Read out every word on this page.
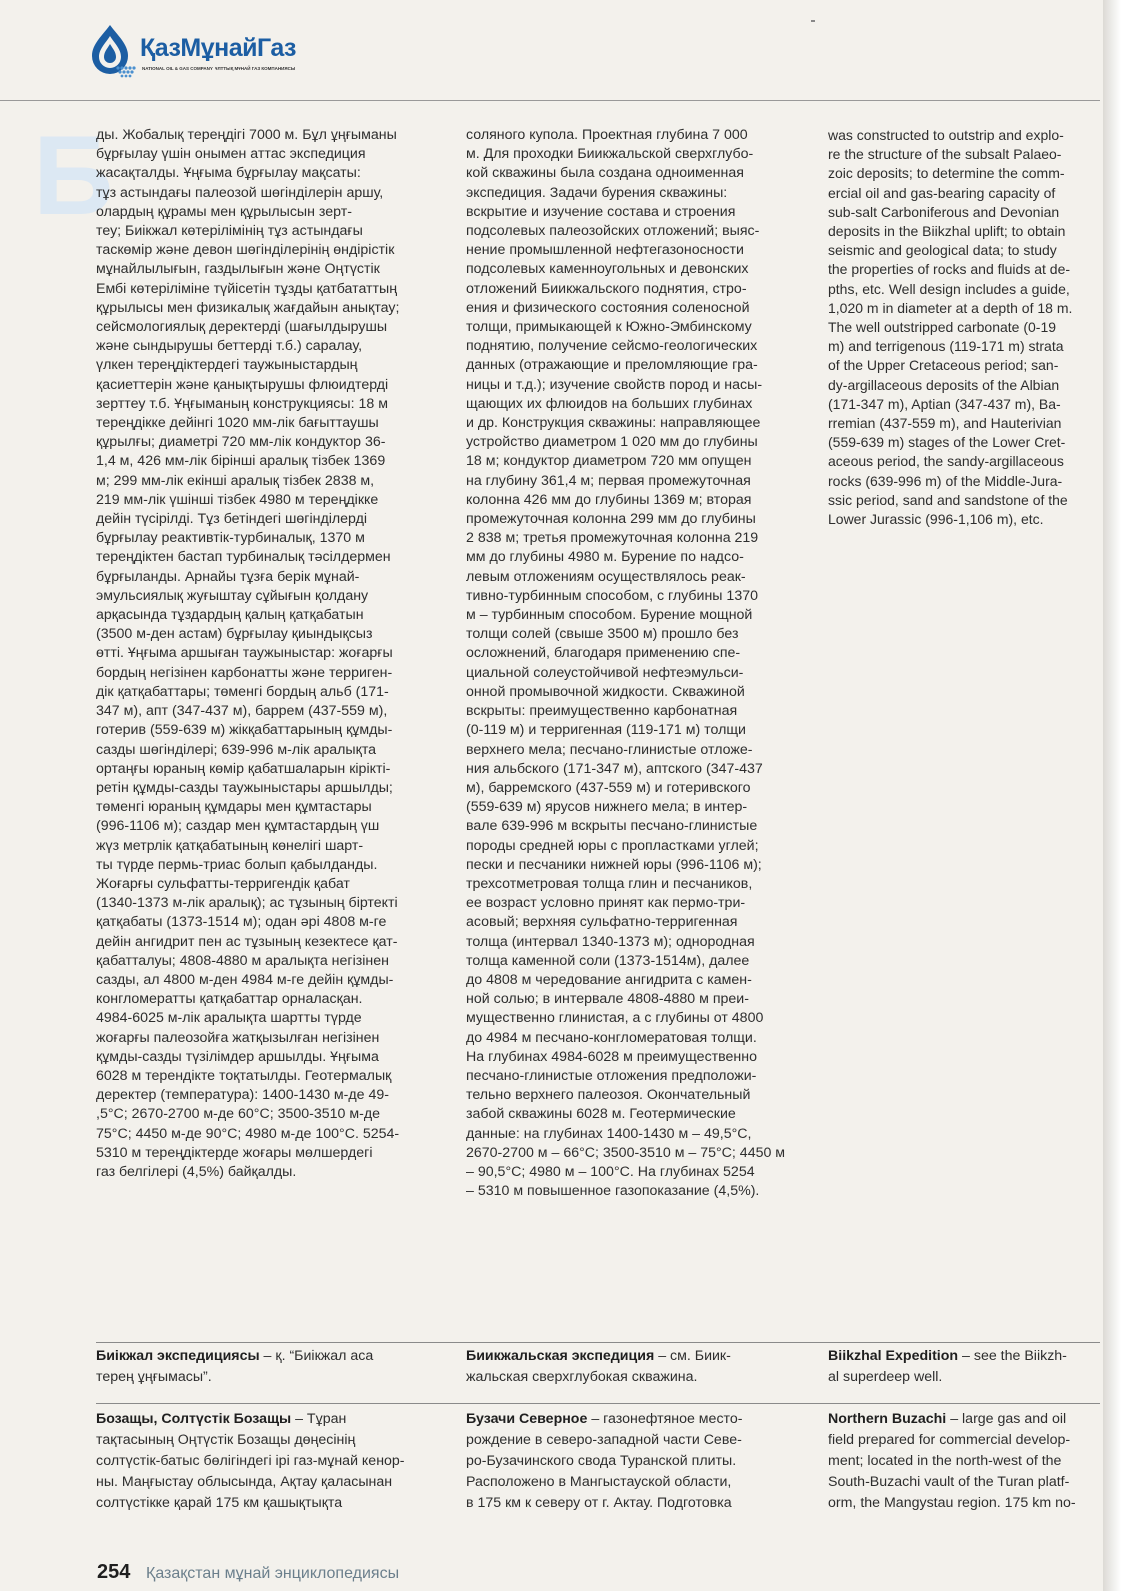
ҚазМұнайГаз
NATIONAL OIL & GAS COMPANY ҰЛТТЫҚ МҰНАЙ ГАЗ КОМПАНИЯСЫ
Б
ды. Жобалық тереңдігі 7000 м. Бұл ұңғыманы
бұрғылау үшін онымен аттас экспедиция
жасақталды. Ұңғыма бұрғылау мақсаты:
тұз астындағы палеозой шөгінділерін аршу,
олардың құрамы мен құрылысын зерт-
теу; Биікжал көтерілімінің тұз астындағы
таскөмір және девон шөгінділерінің өндірістік
мұнайлылығын, газдылығын және Оңтүстік
Ембі көтеріліміне түйісетін тұзды қатбататтың
құрылысы мен физикалық жағдайын анықтау;
сейсмологиялық деректерді (шағылдырушы
және сындырушы беттерді т.б.) саралау,
үлкен тереңдіктердегі таужыныстардың
қасиеттерін және қанықтырушы флюидтерді
зерттеу т.б. Ұңғыманың конструкциясы: 18 м
тереңдікке дейінгі 1020 мм-лік бағыттаушы
құрылғы; диаметрі 720 мм-лік кондуктор 36-
1,4 м, 426 мм-лік бірінші аралық тізбек 1369
м; 299 мм-лік екінші аралық тізбек 2838 м,
219 мм-лік үшінші тізбек 4980 м тереңдікке
дейін түсірілді. Тұз бетіндегі шөгінділерді
бұрғылау реактивтік-турбиналық, 1370 м
тереңдіктен бастап турбиналық тәсілдермен
бұрғыланды. Арнайы тұзға берік мұнай-
эмульсиялық жуғыштау сұйығын қолдану
арқасында тұздардың қалың қатқабатын
(3500 м-ден астам) бұрғылау қиындықсыз
өтті. Ұңғыма аршыған таужыныстар: жоғарғы
бордың негізінен карбонатты және терриген-
дік қатқабаттары; төменгі бордың альб (171-
347 м), апт (347-437 м), баррем (437-559 м),
готерив (559-639 м) жікқабаттарының құмды-
сазды шөгінділері; 639-996 м-лік аралықта
ортаңғы юраның көмір қабатшаларын кірікті-
ретін құмды-сазды таужыныстары аршылды;
төменгі юраның құмдары мен құмтастары
(996-1106 м); саздар мен құмтастардың үш
жүз метрлік қатқабатының көнелігі шарт-
ты түрде пермь-триас болып қабылданды.
Жоғарғы сульфатты-терригендік қабат
(1340-1373 м-лік аралық); ас тұзының біртекті
қатқабаты (1373-1514 м); одан әрі 4808 м-ге
дейін ангидрит пен ас тұзының кезектесе қат-
қабатталуы; 4808-4880 м аралықта негізінен
сазды, ал 4800 м-ден 4984 м-ге дейін құмды-
конгломератты қатқабаттар орналасқан.
4984-6025 м-лік аралықта шартты түрде
жоғарғы палеозойға жатқызылған негізінен
құмды-сазды түзілімдер аршылды. Ұңғыма
6028 м терендікте тоқтатылды. Геотермалық
деректер (температура): 1400-1430 м-де 49-
,5°С; 2670-2700 м-де 60°С; 3500-3510 м-де
75°С; 4450 м-де 90°С; 4980 м-де 100°С. 5254-
5310 м тереңдіктерде жоғары мөлшердегі
газ белгілері (4,5%) байқалды.
соляного купола. Проектная глубина 7 000
м. Для проходки Биикжальской сверхглубо-
кой скважины была создана одноименная
экспедиция. Задачи бурения скважины:
вскрытие и изучение состава и строения
подсолевых палеозойских отложений; выяс-
нение промышленной нефтегазоносности
подсолевых каменноугольных и девонских
отложений Биикжальского поднятия, стро-
ения и физического состояния соленосной
толщи, примыкающей к Южно-Эмбинскому
поднятию, получение сейсмо-геологических
данных (отражающие и преломляющие гра-
ницы и т.д.); изучение свойств пород и насы-
щающих их флюидов на больших глубинах
и др. Конструкция скважины: направляющее
устройство диаметром 1 020 мм до глубины
18 м; кондуктор диаметром 720 мм опущен
на глубину 361,4 м; первая промежуточная
колонна 426 мм до глубины 1369 м; вторая
промежуточная колонна 299 мм до глубины
2 838 м; третья промежуточная колонна 219
мм до глубины 4980 м. Бурение по надсо-
левым отложениям осуществлялось реак-
тивно-турбинным способом, с глубины 1370
м – турбинным способом. Бурение мощной
толщи солей (свыше 3500 м) прошло без
осложнений, благодаря применению спе-
циальной солеустойчивой нефтеэмульси-
онной промывочной жидкости. Скважиной
вскрыты: преимущественно карбонатная
(0-119 м) и терригенная (119-171 м) толщи
верхнего мела; песчано-глинистые отложе-
ния альбского (171-347 м), аптского (347-437
м), барремского (437-559 м) и готеривского
(559-639 м) ярусов нижнего мела; в интер-
вале 639-996 м вскрыты песчано-глинистые
породы средней юры с пропластками углей;
пески и песчаники нижней юры (996-1106 м);
трехсотметровая толща глин и песчаников,
ее возраст условно принят как пермо-три-
асовый; верхняя сульфатно-терригенная
толща (интервал 1340-1373 м); однородная
толща каменной соли (1373-1514м), далее
до 4808 м чередование ангидрита с камен-
ной солью; в интервале 4808-4880 м преи-
мущественно глинистая, а с глубины от 4800
до 4984 м песчано-конгломератовая толщи.
На глубинах 4984-6028 м преимущественно
песчано-глинистые отложения предположи-
тельно верхнего палеозоя. Окончательный
забой скважины 6028 м. Геотермические
данные: на глубинах 1400-1430 м – 49,5°С,
2670-2700 м – 66°С; 3500-3510 м – 75°С; 4450 м
– 90,5°С; 4980 м – 100°С. На глубинах 5254
– 5310 м повышенное газопоказание (4,5%).
was constructed to outstrip and explo-
re the structure of the subsalt Palaeo-
zoic deposits; to determine the comm-
ercial oil and gas-bearing capacity of
sub-salt Carboniferous and Devonian
deposits in the Biikzhal uplift; to obtain
seismic and geological data; to study
the properties of rocks and fluids at de-
pths, etc. Well design includes a guide,
1,020 m in diameter at a depth of 18 m.
The well outstripped carbonate (0-19
m) and terrigenous (119-171 m) strata
of the Upper Cretaceous period; san-
dy-argillaceous deposits of the Albian
(171-347 m), Aptian (347-437 m), Ba-
rremian (437-559 m), and Hauterivian
(559-639 m) stages of the Lower Cret-
aceous period, the sandy-argillaceous
rocks (639-996 m) of the Middle-Jura-
ssic period, sand and sandstone of the
Lower Jurassic (996-1,106 m), etc.
Биікжал экспедициясы – қ. “Биікжал аса
терең ұңғымасы”.
Биикжальская экспедиция – см. Биик-
жальская сверхглубокая скважина.
Biikzhal Expedition – see the Biikzh-
al superdeep well.
Бозащы, Солтүстік Бозащы – Тұран
тақтасының Оңтүстік Бозащы дөңесінің
солтүстік-батыс бөлігіндегі ірі газ-мұнай кенор-
ны. Маңғыстау облысында, Ақтау қаласынан
солтүстікке қарай 175 км қашықтықта
Бузачи Северное – газонефтяное место-
рождение в северо-западной части Севе-
ро-Бузачинского свода Туранской плиты.
Расположено в Мангыстауской области,
в 175 км к северу от г. Актау. Подготовка
Northern Buzachi – large gas and oil
field prepared for commercial develop-
ment; located in the north-west of the
South-Buzachi vault of the Turan platf-
orm, the Mangystau region. 175 km no-
254 Қазақстан мұнай энциклопедиясы
